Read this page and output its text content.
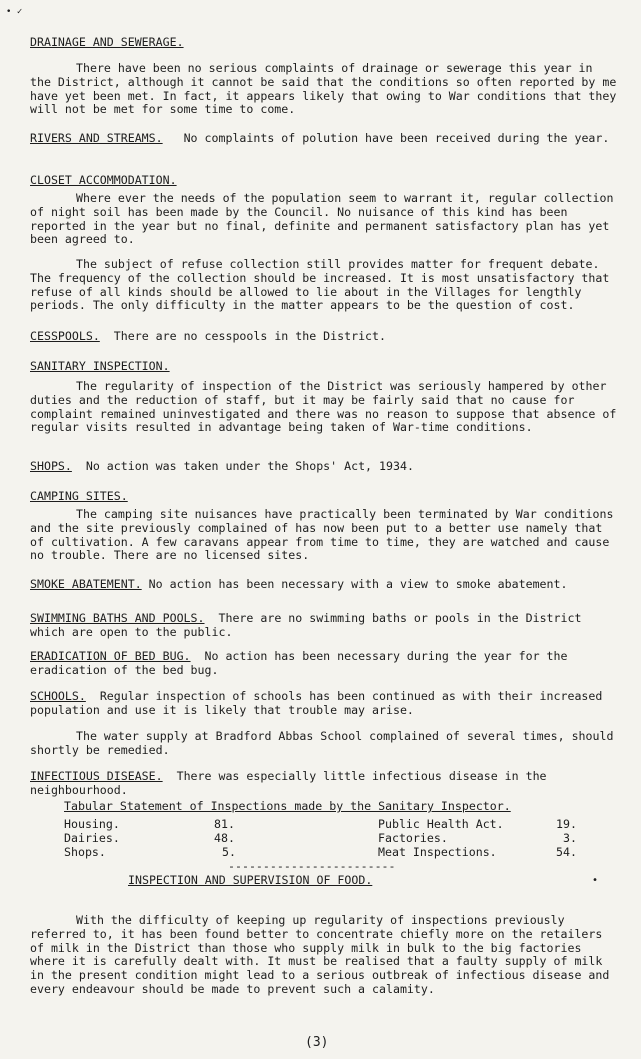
• ✓

DRAINAGE AND SEWERAGE.

There have been no serious complaints of drainage or sewerage this year in the District, although it cannot be said that the conditions so often reported by me have yet been met. In fact, it appears likely that owing to War conditions that they will not be met for some time to come.

RIVERS AND STREAMS. No complaints of polution have been received during the year.

CLOSET ACCOMMODATION.

Where ever the needs of the population seem to warrant it, regular collection of night soil has been made by the Council. No nuisance of this kind has been reported in the year but no final, definite and permanent satisfactory plan has yet been agreed to.

The subject of refuse collection still provides matter for frequent debate. The frequency of the collection should be increased. It is most unsatisfactory that refuse of all kinds should be allowed to lie about in the Villages for lengthly periods. The only difficulty in the matter appears to be the question of cost.

CESSPOOLS. There are no cesspools in the District.

SANITARY INSPECTION.

The regularity of inspection of the District was seriously hampered by other duties and the reduction of staff, but it may be fairly said that no cause for complaint remained uninvestigated and there was no reason to suppose that absence of regular visits resulted in advantage being taken of War-time conditions.

SHOPS. No action was taken under the Shops' Act, 1934.

CAMPING SITES.

The camping site nuisances have practically been terminated by War conditions and the site previously complained of has now been put to a better use namely that of cultivation. A few caravans appear from time to time, they are watched and cause no trouble. There are no licensed sites.

SMOKE ABATEMENT. No action has been necessary with a view to smoke abatement.

SWIMMING BATHS AND POOLS. There are no swimming baths or pools in the District which are open to the public.

ERADICATION OF BED BUG. No action has been necessary during the year for the eradication of the bed bug.

SCHOOLS. Regular inspection of schools has been continued as with their increased population and use it is likely that trouble may arise.

The water supply at Bradford Abbas School complained of several times, should shortly be remedied.

INFECTIOUS DISEASE. There was especially little infectious disease in the neighbourhood.

Tabular Statement of Inspections made by the Sanitary Inspector.
Housing.	81.	Public Health Act.	19.
Dairies.	48.	Factories.	3.
Shops.	5.	Meat Inspections.	54.
------------------------
INSPECTION AND SUPERVISION OF FOOD.	•

With the difficulty of keeping up regularity of inspections previously referred to, it has been found better to concentrate chiefly more on the retailers of milk in the District than those who supply milk in bulk to the big factories where it is carefully dealt with. It must be realised that a faulty supply of milk in the present condition might lead to a serious outbreak of infectious disease and every endeavour should be made to prevent such a calamity.

(3)
